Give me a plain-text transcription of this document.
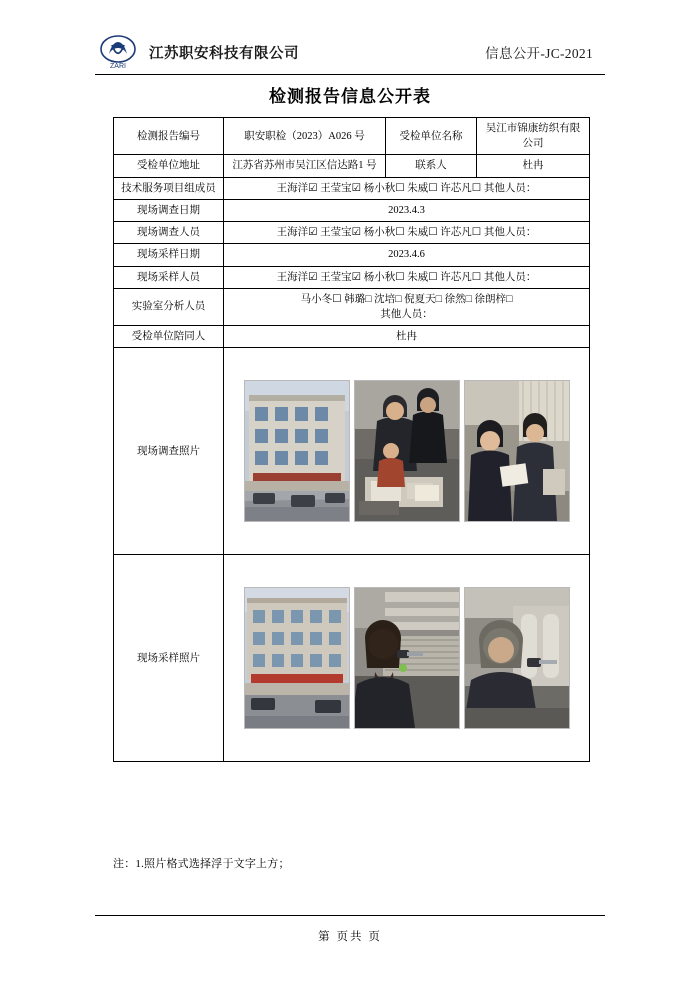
ZARI
江苏职安科技有限公司	信息公开-JC-2021
检测报告信息公开表
检测报告编号	职安职检（2023）A026 号	受检单位名称	吴江市锦康纺织有限公司
受检单位地址	江苏省苏州市吴江区信达路1 号	联系人	杜冉
技术服务项目组成员	王海洋☑ 王莹宝☑ 杨小秋☐ 朱威☐ 许芯凡☐ 其他人员：		
现场调查日期	2023.4.3		
现场调查人员	王海洋☑ 王莹宝☑ 杨小秋☐ 朱威☐ 许芯凡☐ 其他人员：		
现场采样日期	2023.4.6		
现场采样人员	王海洋☑ 王莹宝☑ 杨小秋☐ 朱威☐ 许芯凡☐ 其他人员：		
实验室分析人员	马小冬☐ 韩璐□ 沈培□ 倪夏天□ 徐然□ 徐朗梓□
其他人员：		

受检单位陪同人	杜冉		
现场调查照片	

现场采样照片	
注：1.照片格式选择浮于文字上方；
第 页共 页
